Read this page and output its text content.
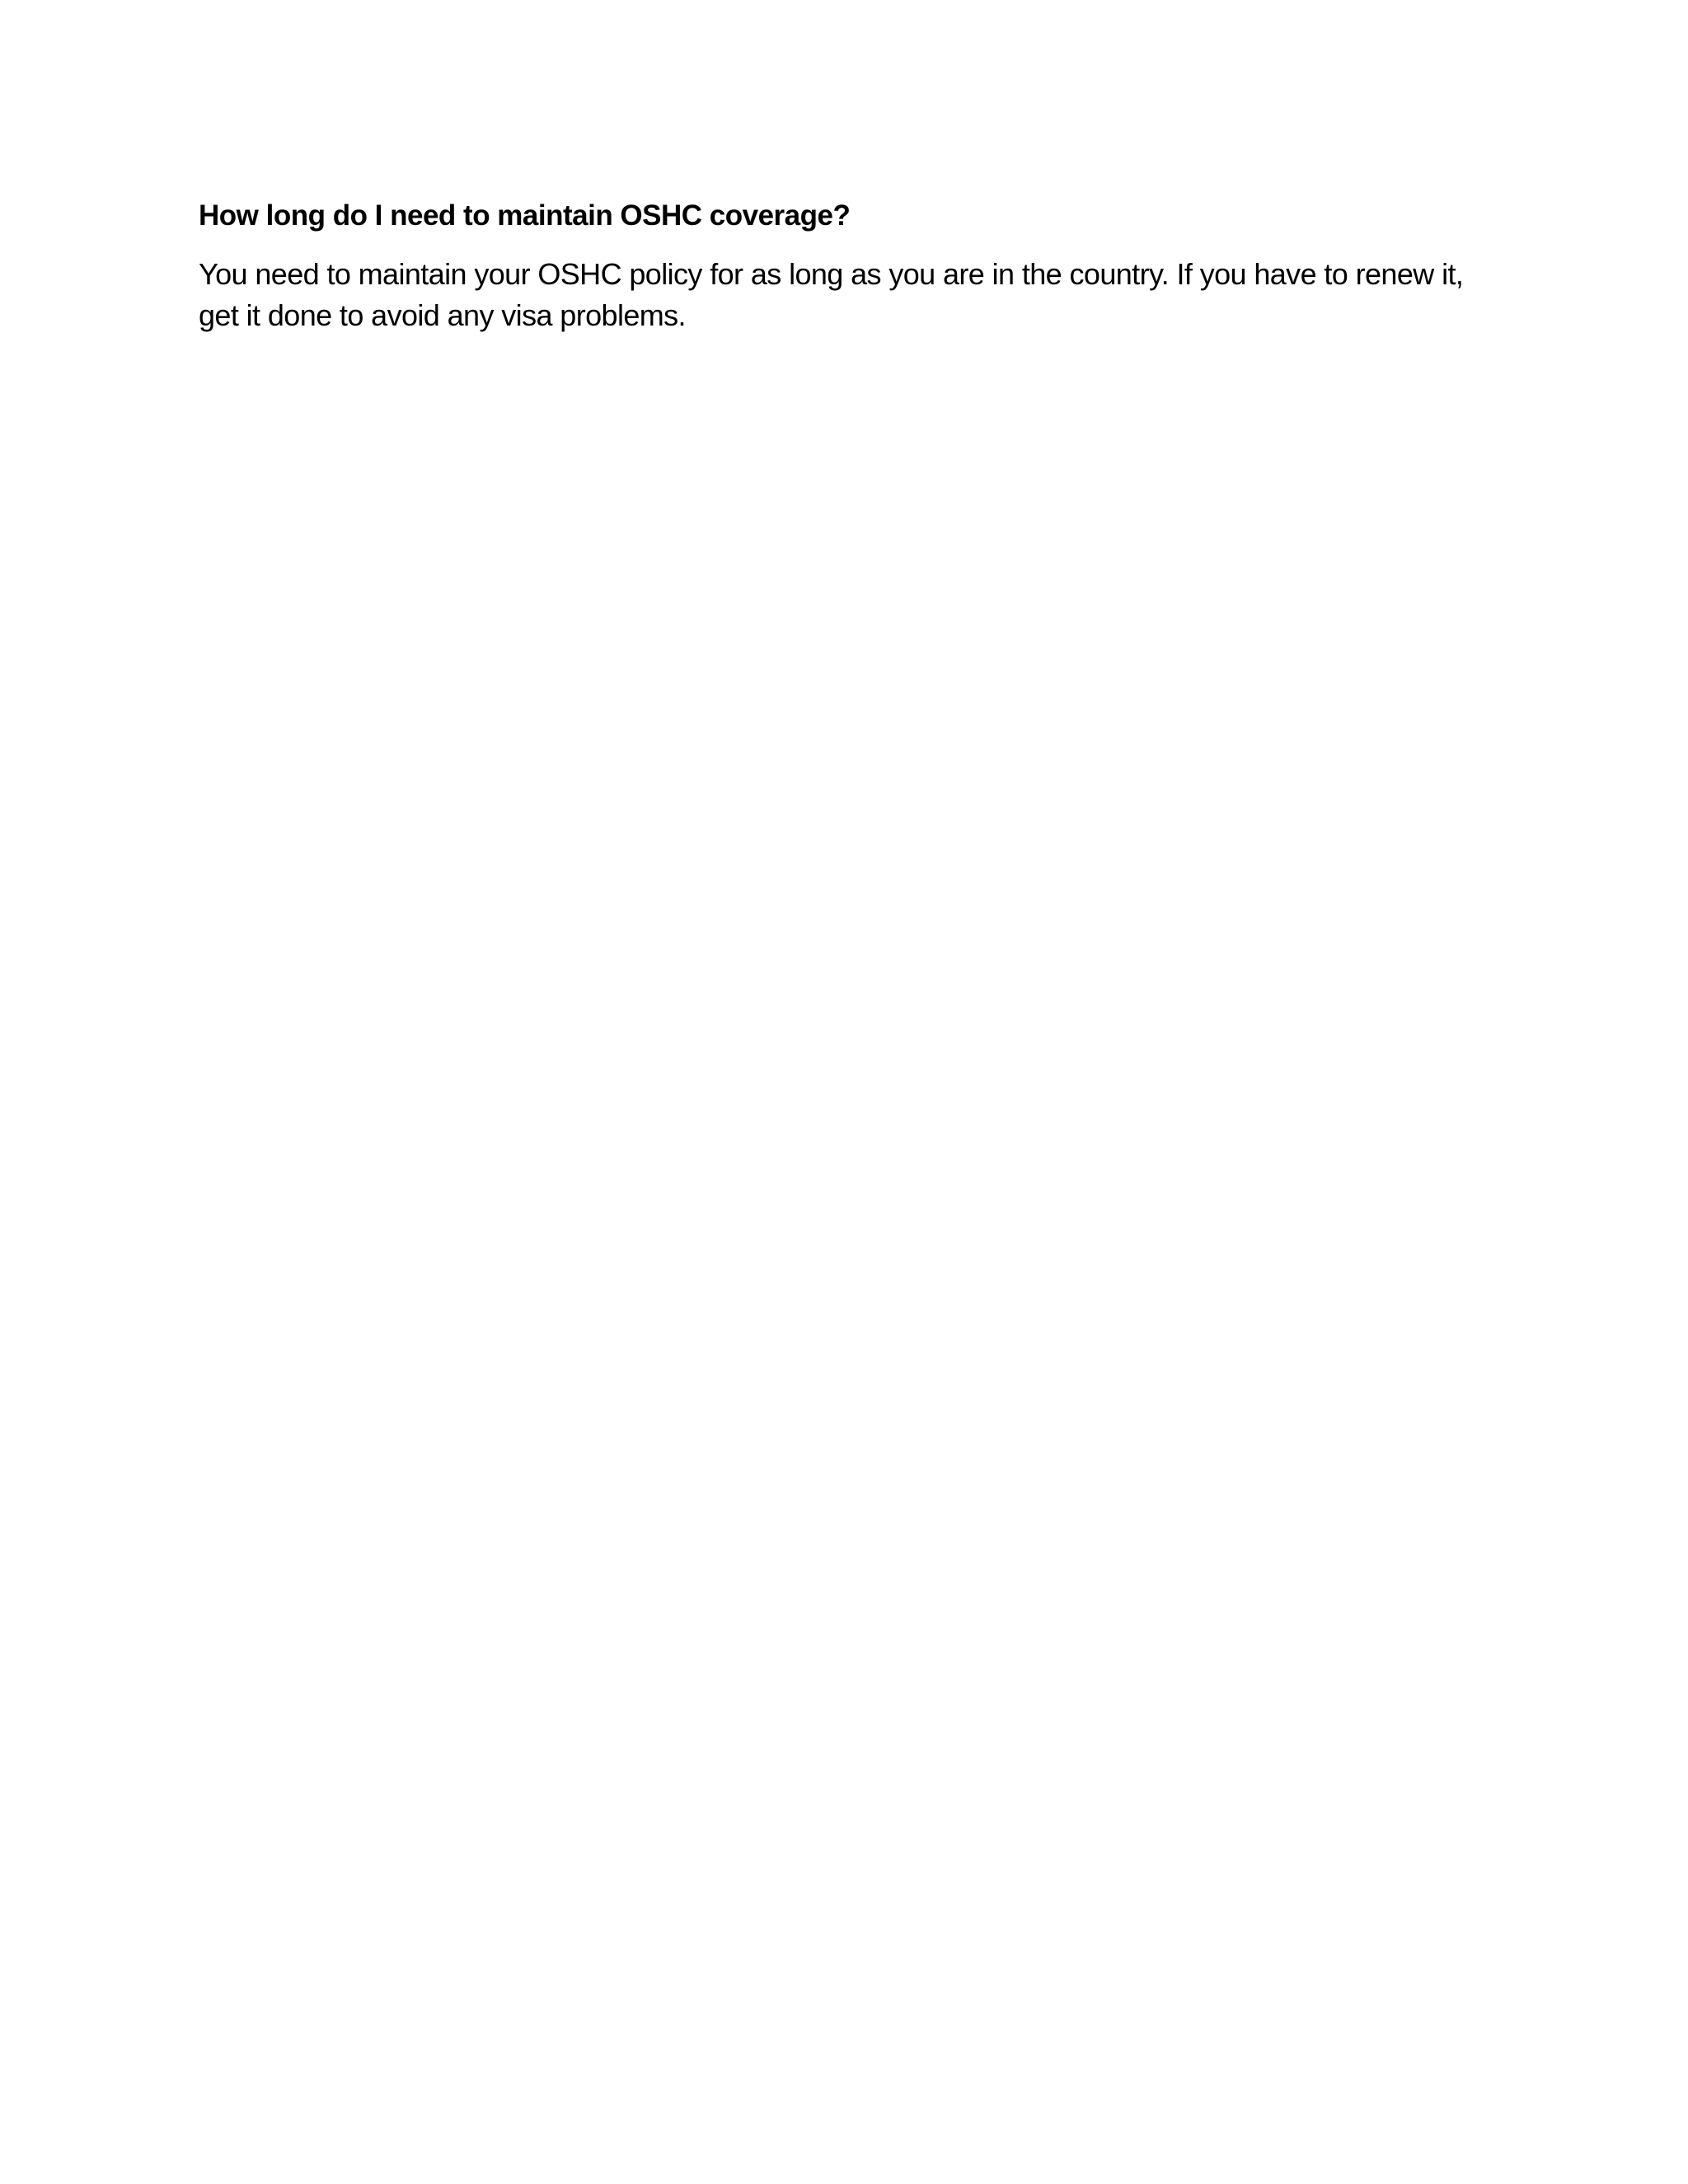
How long do I need to maintain OSHC coverage?

You need to maintain your OSHC policy for as long as you are in the country. If you have to renew it, get it done to avoid any visa problems.
